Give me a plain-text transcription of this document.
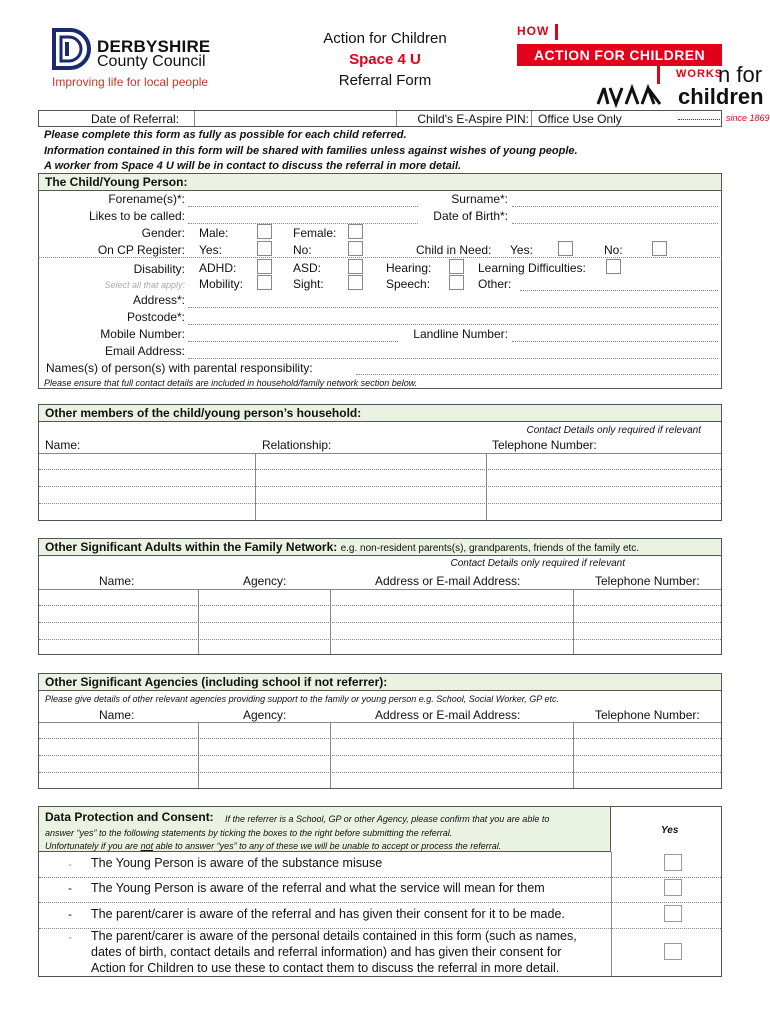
DERBYSHIRE
County Council
Improving life for local people
Action for Children
Space 4 U
Referral Form
HOW
ACTION FOR CHILDREN
WORKS
n for
children
since 1869
Date of Referral:	Child's E-Aspire PIN: Office Use Only
Please complete this form as fully as possible for each child referred.
Information contained in this form will be shared with families unless against wishes of young people.
A worker from Space 4 U will be in contact to discuss the referral in more detail.
The Child/Young Person:
Forename(s)*:	Surname*:
Likes to be called:	Date of Birth*:
Gender: Male:	Female:
On CP Register: Yes:	No:	Child in Need: Yes:	No:
Disability:
Select all that apply:
ADHD:	ASD:	Hearing:	Learning Difficulties:
Mobility:	Sight:	Speech:	Other:
Address*:
Postcode*:
Mobile Number:	Landline Number:
Email Address:
Names(s) of person(s) with parental responsibility:
Please ensure that full contact details are included in household/family network section below.
Other members of the child/young person’s household:
Contact Details only required if relevant
Name:	Relationship:	Telephone Number:
Other Significant Adults within the Family Network: e.g. non-resident parents(s), grandparents, friends of the family etc.
Contact Details only required if relevant
Name:	Agency:	Address or E-mail Address:	Telephone Number:
Other Significant Agencies (including school if not referrer):
Please give details of other relevant agencies providing support to the family or young person e.g. School, Social Worker, GP etc.
Name:	Agency:	Address or E-mail Address:	Telephone Number:
Data Protection and Consent: If the referrer is a School, GP or other Agency, please confirm that you are able to
answer “yes” to the following statements by ticking the boxes to the right before submitting the referral.
Unfortunately if you are not able to answer “yes” to any of these we will be unable to accept or process the referral.
Yes
- The Young Person is aware of the substance misuse
- The Young Person is aware of the referral and what the service will mean for them
- The parent/carer is aware of the referral and has given their consent for it to be made.
- The parent/carer is aware of the personal details contained in this form (such as names,
dates of birth, contact details and referral information) and has given their consent for
Action for Children to use these to contact them to discuss the referral in more detail.
